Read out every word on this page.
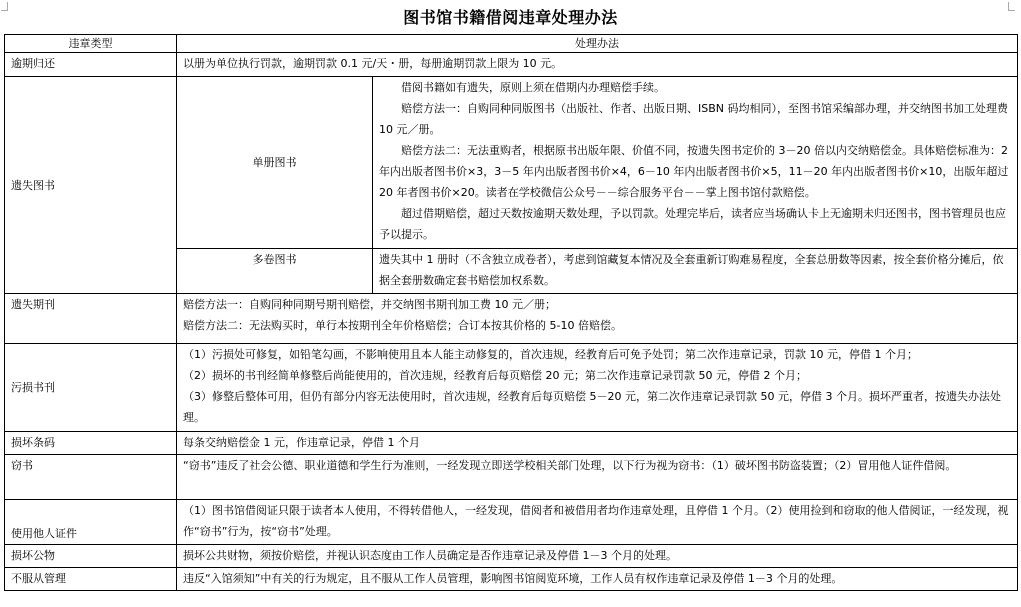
图书馆书籍借阅违章处理办法
违章类型	处理办法	
逾期归还	以册为单位执行罚款，逾期罚款 0.1 元/天・册，每册逾期罚款上限为 10 元。	
遗失图书	单册图书	借阅书籍如有遗失，原则上须在借期内办理赔偿手续。

赔偿方法一：自购同种同版图书（出版社、作者、出版日期、ISBN 码均相同），至图书馆采编部办理，并交纳图书加工处理费 10 元／册。

赔偿方法二：无法重购者，根据原书出版年限、价值不同，按遗失图书定价的 3－20 倍以内交纳赔偿金。具体赔偿标准为：2 年内出版者图书价×3，3－5 年内出版者图书价×4，6－10 年内出版者图书价×5，11－20 年内出版者图书价×10，出版年超过 20 年者图书价×20。读者在学校微信公众号－－综合服务平台－－掌上图书馆付款赔偿。

超过借期赔偿，超过天数按逾期天数处理，予以罚款。处理完毕后，读者应当场确认卡上无逾期未归还图书，图书管理员也应予以提示。

	多卷图书	遗失其中 1 册时（不含独立成卷者），考虑到馆藏复本情况及全套重新订购难易程度，全套总册数等因素，按全套价格分摊后，依据全套册数确定套书赔偿加权系数。
遗失期刊	赔偿方法一：自购同种同期号期刊赔偿，并交纳图书期刊加工费 10 元／册；

赔偿方法二：无法购买时，单行本按期刊全年价格赔偿；合订本按其价格的 5-10 倍赔偿。	

污损书刊	（1）污损处可修复，如铅笔勾画，不影响使用且本人能主动修复的，首次违规，经教育后可免予处罚；第二次作违章记录，罚款 10 元，停借 1 个月；

（2）损坏的书刊经简单修整后尚能使用的，首次违规，经教育后每页赔偿 20 元；第二次作违章记录罚款 50 元，停借 2 个月；

（3）修整后整体可用，但仍有部分内容无法使用时，首次违规，经教育后每页赔偿 5－20 元，第二次作违章记录罚款 50 元，停借 3 个月。损坏严重者，按遗失办法处理。	

损坏条码	每条交纳赔偿金 1 元，作违章记录，停借 1 个月	
窃书	“窃书”违反了社会公德、职业道德和学生行为准则，一经发现立即送学校相关部门处理，以下行为视为窃书：（1）破坏图书防盗装置；（2）冒用他人证件借阅。	
使用他人证件	（1）图书馆借阅证只限于读者本人使用，不得转借他人，一经发现，借阅者和被借用者均作违章处理，且停借 1 个月。（2）使用捡到和窃取的他人借阅证，一经发现，视作“窃书”行为，按“窃书”处理。	
损坏公物	损坏公共财物，须按价赔偿，并视认识态度由工作人员确定是否作违章记录及停借 1－3 个月的处理。	
不服从管理	违反“入馆须知”中有关的行为规定，且不服从工作人员管理，影响图书馆阅览环境，工作人员有权作违章记录及停借 1－3 个月的处理。	
